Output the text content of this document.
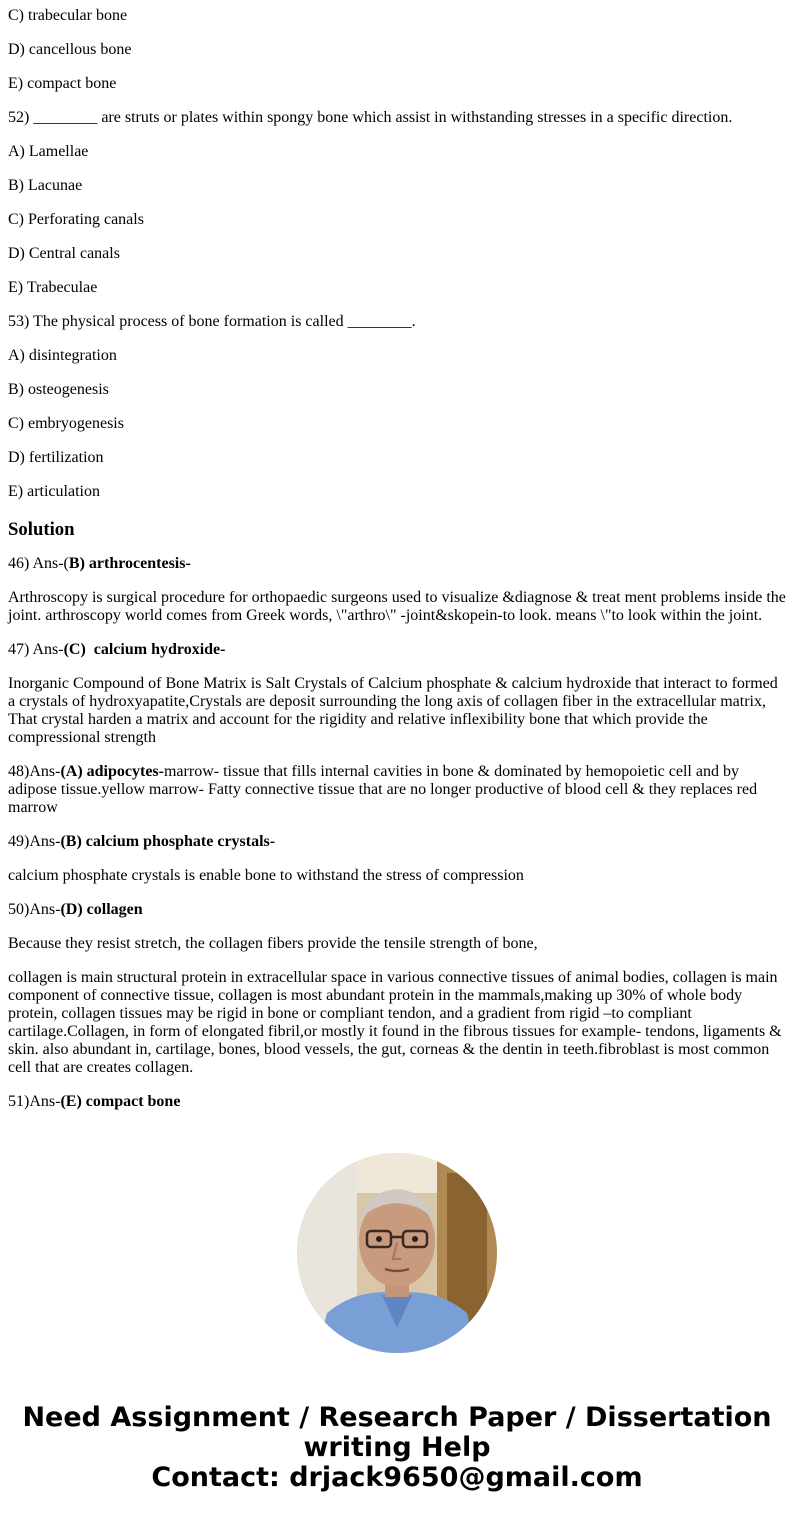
C) trabecular bone

D) cancellous bone

E) compact bone

52) ________ are struts or plates within spongy bone which assist in withstanding stresses in a specific direction.

A) Lamellae

B) Lacunae

C) Perforating canals

D) Central canals

E) Trabeculae

53) The physical process of bone formation is called ________.

A) disintegration

B) osteogenesis

C) embryogenesis

D) fertilization

E) articulation

Solution

46) Ans-(B) arthrocentesis-

Arthroscopy is surgical procedure for orthopaedic surgeons used to visualize &diagnose & treat ment problems inside the joint. arthroscopy world comes from Greek words, \"arthro\" -joint&skopein-to look. means \"to look within the joint.

47) Ans-(C)  calcium hydroxide-

Inorganic Compound of Bone Matrix is Salt Crystals of Calcium phosphate & calcium hydroxide that interact to formed a crystals of hydroxyapatite,Crystals are deposit surrounding the long axis of collagen fiber in the extracellular matrix, That crystal harden a matrix and account for the rigidity and relative inflexibility bone that which provide the compressional strength

48)Ans-(A) adipocytes-marrow- tissue that fills internal cavities in bone & dominated by hemopoietic cell and by adipose tissue.yellow marrow- Fatty connective tissue that are no longer productive of blood cell & they replaces red marrow

49)Ans-(B) calcium phosphate crystals-

calcium phosphate crystals is enable bone to withstand the stress of compression

50)Ans-(D) collagen

Because they resist stretch, the collagen fibers provide the tensile strength of bone,

collagen is main structural protein in extracellular space in various connective tissues of animal bodies, collagen is main component of connective tissue, collagen is most abundant protein in the mammals,making up 30% of whole body protein, collagen tissues may be rigid in bone or compliant tendon, and a gradient from rigid –to compliant cartilage.Collagen, in form of elongated fibril,or mostly it found in the fibrous tissues for example- tendons, ligaments & skin. also abundant in, cartilage, bones, blood vessels, the gut, corneas & the dentin in teeth.fibroblast is most common cell that are creates collagen.

51)Ans-(E) compact bone

Need Assignment / Research Paper / Dissertation
writing Help
Contact: drjack9650@gmail.com
